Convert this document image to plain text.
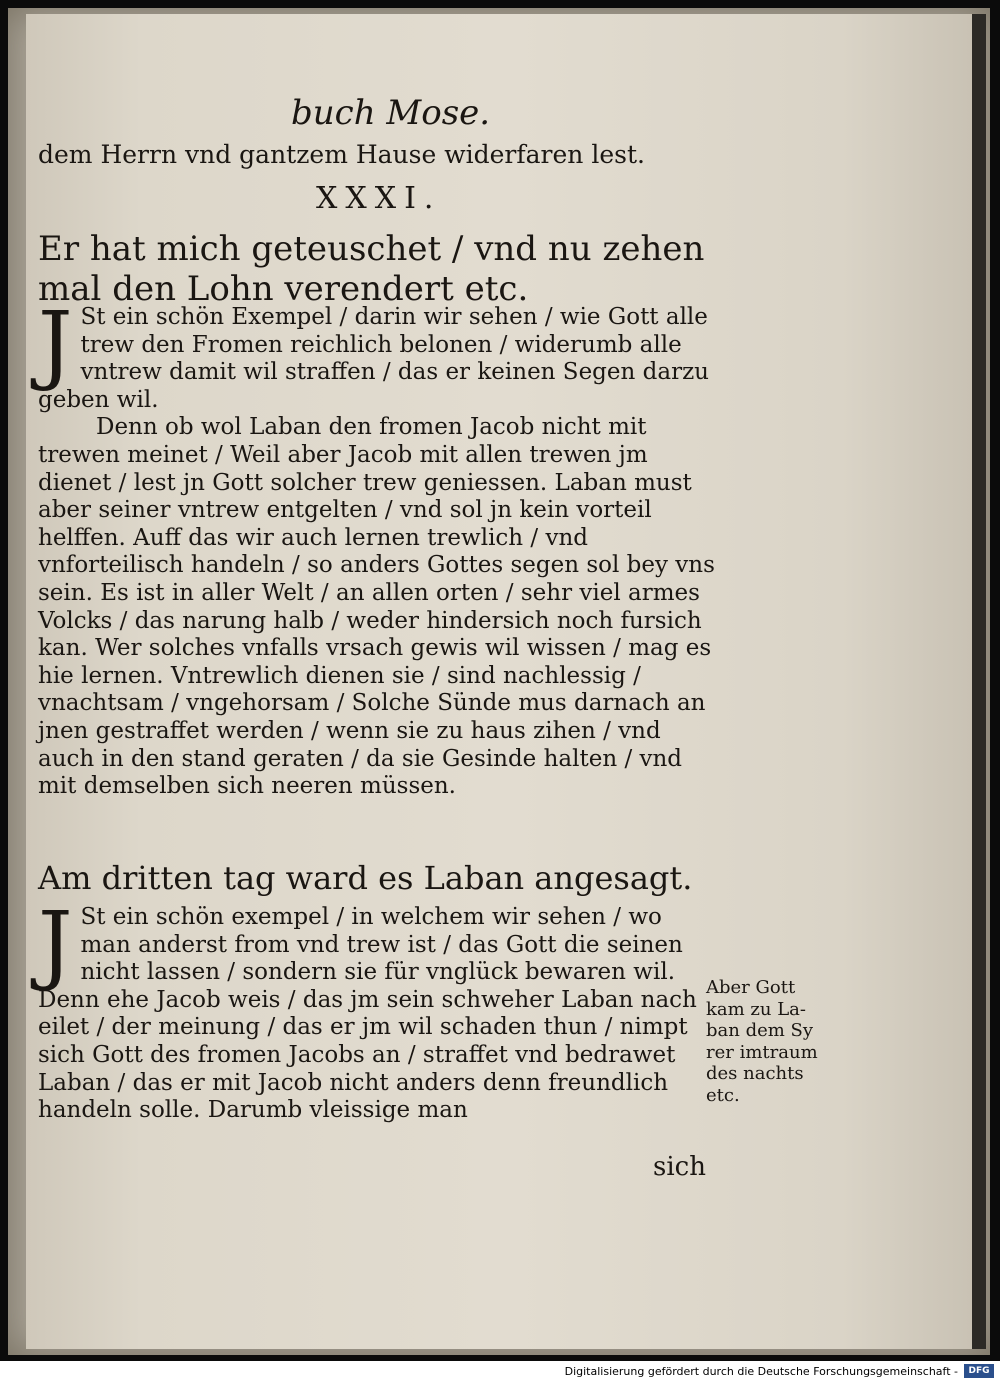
buch Mose.
dem Herrn vnd gantzem Hause widerfaren lest.
XXXI.
Er hat mich geteuschet / vnd nu zehen mal den Lohn verendert etc.

J St ein schön Exempel / darin wir sehen / wie Gott alle trew den Fromen reichlich belonen / widerumb alle vntrew damit wil straffen / das er keinen Segen darzu geben wil.

Denn ob wol Laban den fromen Jacob nicht mit trewen meinet / Weil aber Jacob mit allen trewen jm dienet / lest jn Gott solcher trew geniessen. Laban must aber seiner vntrew entgelten / vnd sol jn kein vorteil helffen. Auff das wir auch lernen trewlich / vnd vnforteilisch handeln / so anders Gottes segen sol bey vns sein. Es ist in aller Welt / an allen orten / sehr viel armes Volcks / das narung halb / weder hindersich noch fursich kan. Wer solches vnfalls vrsach gewis wil wissen / mag es hie lernen. Vntrewlich dienen sie / sind nachlessig / vnachtsam / vngehorsam / Solche Sünde mus darnach an jnen gestraffet werden / wenn sie zu haus zihen / vnd auch in den stand geraten / da sie Gesinde halten / vnd mit demselben sich neeren müssen.

Am dritten tag ward es Laban angesagt.

J St ein schön exempel / in welchem wir sehen / wo man anderst from vnd trew ist / das Gott die seinen nicht lassen / sondern sie für vnglück bewaren wil. Denn ehe Jacob weis / das jm sein schweher Laban nach eilet / der meinung / das er jm wil schaden thun / nimpt sich Gott des fromen Jacobs an / straffet vnd bedrawet Laban / das er mit Jacob nicht anders denn freundlich handeln solle. Darumb vleissige man

Aber Gott
kam zu La-
ban dem Sy
rer imtraum
des nachts
etc.
sich
Digitalisierung gefördert durch die Deutsche Forschungsgemeinschaft -	DFG
